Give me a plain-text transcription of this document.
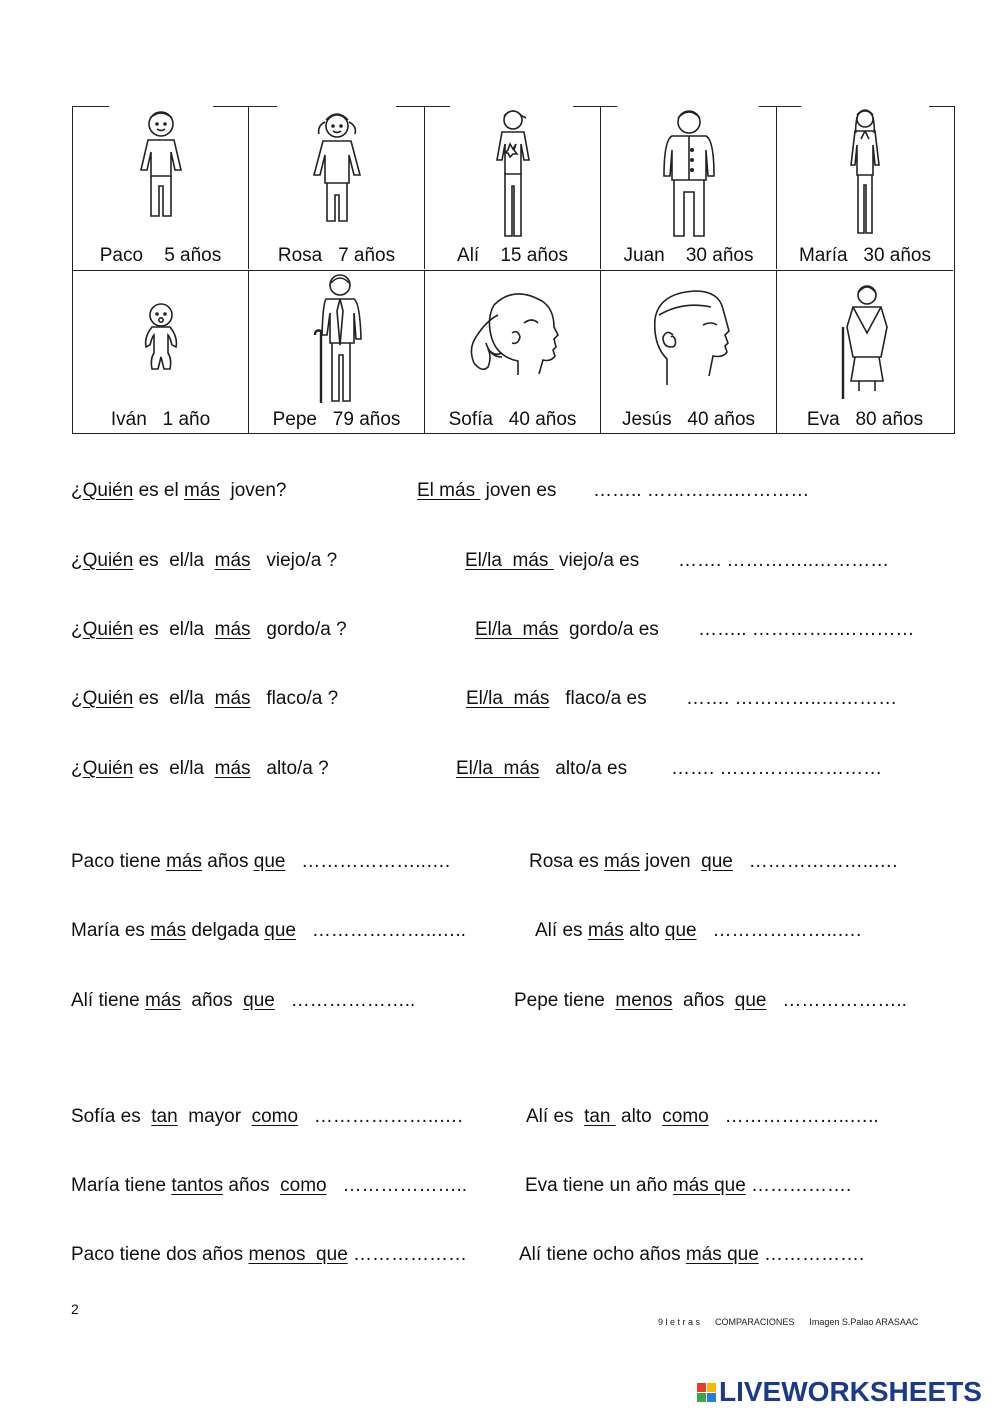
Paco 5 años	Rosa 7 años	Alí 15 años	Juan 30 años	María 30 años
Iván 1 año	Pepe 79 años	Sofía 40 años	Jesús 40 años	Eva 80 años
¿Quién es el más  joven?	El más  joven es …….. …………..…………
¿Quién es  el/la  más   viejo/a ?	El/la  más  viejo/a es ……. …………..…………
¿Quién es  el/la  más   gordo/a ?	El/la  más  gordo/a es …….. …………..…………
¿Quién es  el/la  más   flaco/a ?	El/la  más   flaco/a es ……. …………..…………
¿Quién es  el/la  más   alto/a ?	El/la  más   alto/a es ……. …………..…………
Paco tiene más años que   ………………..….	Rosa es más joven  que   ………………..….
María es más delgada que   ………………..…..	Alí es más alto que   ………………..….
Alí tiene más  años  que   ………………..	Pepe tiene  menos  años  que   ………………..
Sofía es  tan  mayor  como   ………………..….	Alí es  tan  alto  como   ………………..…..
María tiene tantos años  como   ………………..	Eva tiene un año más que …………….
Paco tiene dos años menos  que ………………	Alí tiene ocho años más que …………….
2
9 l e t r a s      COMPARACIONES      Imagen S.Palao ARASAAC
LIVEWORKSHEETS
